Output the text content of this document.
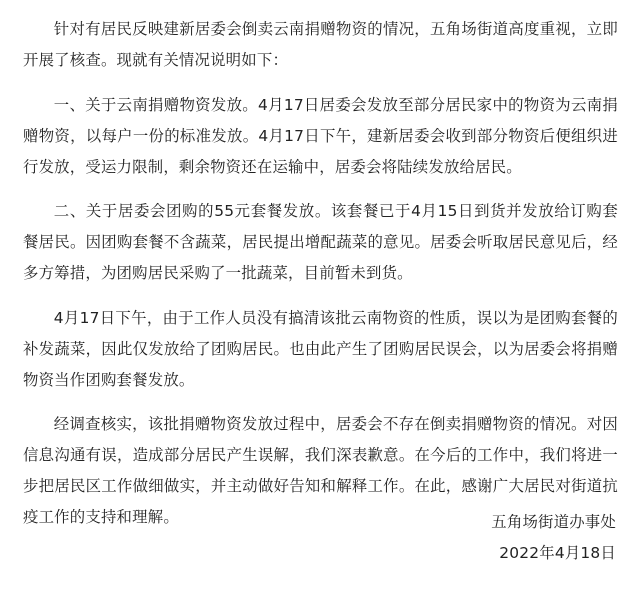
针对有居民反映建新居委会倒卖云南捐赠物资的情况，五角场街道高度重视，立即开展了核查。现就有关情况说明如下：

一、关于云南捐赠物资发放。4月17日居委会发放至部分居民家中的物资为云南捐赠物资，以每户一份的标准发放。4月17日下午，建新居委会收到部分物资后便组织进行发放，受运力限制，剩余物资还在运输中，居委会将陆续发放给居民。

二、关于居委会团购的55元套餐发放。该套餐已于4月15日到货并发放给订购套餐居民。因团购套餐不含蔬菜，居民提出增配蔬菜的意见。居委会听取居民意见后，经多方筹措，为团购居民采购了一批蔬菜，目前暂未到货。

4月17日下午，由于工作人员没有搞清该批云南物资的性质，误以为是团购套餐的补发蔬菜，因此仅发放给了团购居民。也由此产生了团购居民误会，以为居委会将捐赠物资当作团购套餐发放。

经调查核实，该批捐赠物资发放过程中，居委会不存在倒卖捐赠物资的情况。对因信息沟通有误，造成部分居民产生误解，我们深表歉意。在今后的工作中，我们将进一步把居民区工作做细做实，并主动做好告知和解释工作。在此，感谢广大居民对街道抗疫工作的支持和理解。	五角场街道办事处
2022年4月18日
